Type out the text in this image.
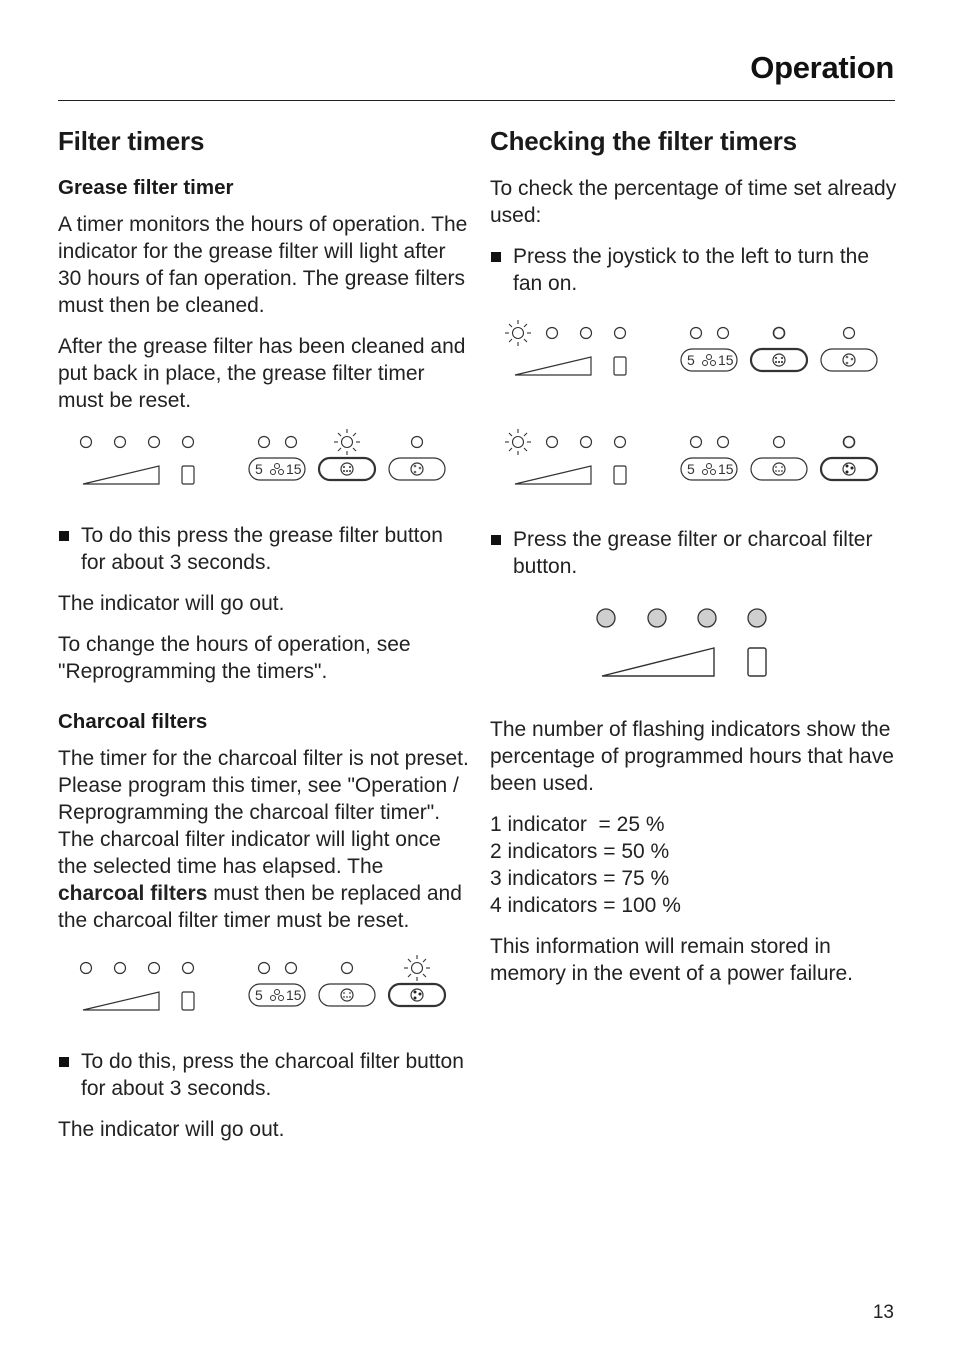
Operation
Filter timers
Grease filter timer

A timer monitors the hours of operation. The indicator for the grease filter will light after 30 hours of fan operation. The grease filters must then be cleaned.

After the grease filter has been cleaned and put back in place, the grease filter timer must be reset.

5 15
To do this press the grease filter button for about 3 seconds.

The indicator will go out.

To change the hours of operation, see "Reprogramming the timers".

Charcoal filters

The timer for the charcoal filter is not preset. Please program this timer, see "Operation / Reprogramming the charcoal filter timer". The charcoal filter indicator will light once the selected time has elapsed. The charcoal filters must then be replaced and the charcoal filter timer must be reset.

5 15
To do this, press the charcoal filter button for about 3 seconds.

The indicator will go out.

Checking the filter timers

To check the percentage of time set already used:

Press the joystick to the left to turn the fan on.
5 15
5 15
Press the grease filter or charcoal filter button.

The number of flashing indicators show the percentage of programmed hours that have been used.

1 indicator  = 25 %
2 indicators = 50 %
3 indicators = 75 %
4 indicators = 100 %

This information will remain stored in memory in the event of a power failure.

13
